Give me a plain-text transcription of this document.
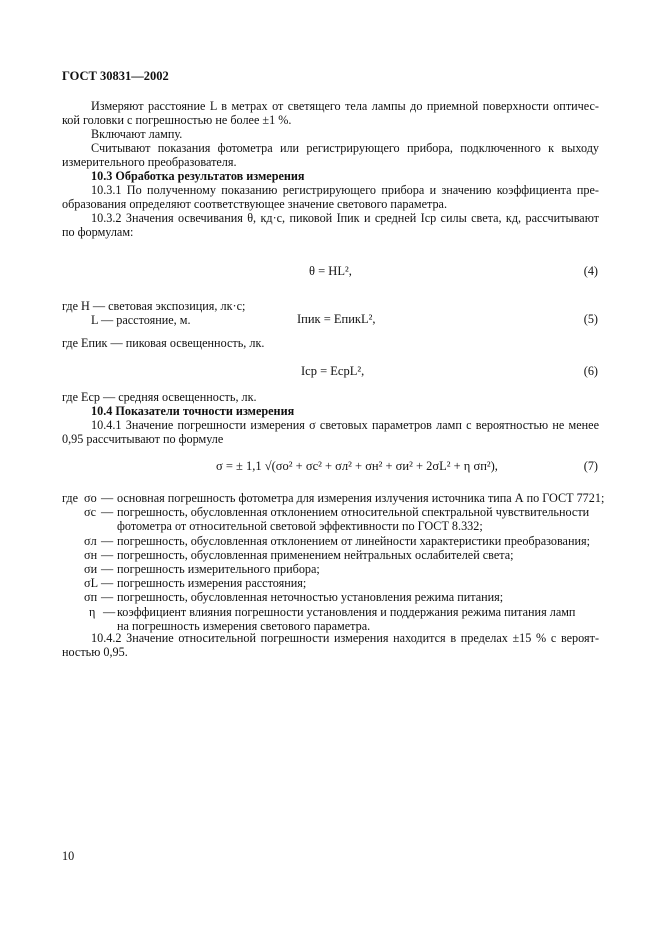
ГОСТ 30831—2002
Измеряют расстояние L в метрах от светящего тела лампы до приемной поверхности оптичес-
кой головки с погрешностью не более ±1 %.
Включают лампу.
Считывают показания фотометра или регистрирующего прибора, подключенного к выходу
измерительного преобразователя.
10.3 Обработка результатов измерения
10.3.1 По полученному показанию регистрирующего прибора и значению коэффициента пре-
образования определяют соответствующее значение светового параметра.
10.3.2 Значения освечивания θ, кд·с, пиковой Iпик и средней Iср силы света, кд, рассчитывают
по формулам:
θ = HL²,	(4)
где H — световая экспозиция, лк·с;
L — расстояние, м.	Iпик = EпикL²,	(5)
где Eпик — пиковая освещенность, лк.
Iср = EсрL²,	(6)
где Eср — средняя освещенность, лк.
10.4 Показатели точности измерения
10.4.1 Значение погрешности измерения σ световых параметров ламп с вероятностью не менее
0,95 рассчитывают по формуле
σ = ± 1,1 √(σо² + σс² + σл² + σн² + σи² + 2σL² + η σп²),	(7)
σо — основная погрешность фотометра для измерения излучения источника типа А по ГОСТ 7721;
σс — погрешность, обусловленная отклонением относительной спектральной чувствительности
фотометра от относительной световой эффективности по ГОСТ 8.332;
σл — погрешность, обусловленная отклонением от линейности характеристики преобразования;
σн — погрешность, обусловленная применением нейтральных ослабителей света;
σи — погрешность измерительного прибора;
σL — погрешность измерения расстояния;
σп — погрешность, обусловленная неточностью установления режима питания;
η — коэффициент влияния погрешности установления и поддержания режима питания ламп
на погрешность измерения светового параметра.
где
10.4.2 Значение относительной погрешности измерения находится в пределах ±15 % с вероят-
ностью 0,95.
10
